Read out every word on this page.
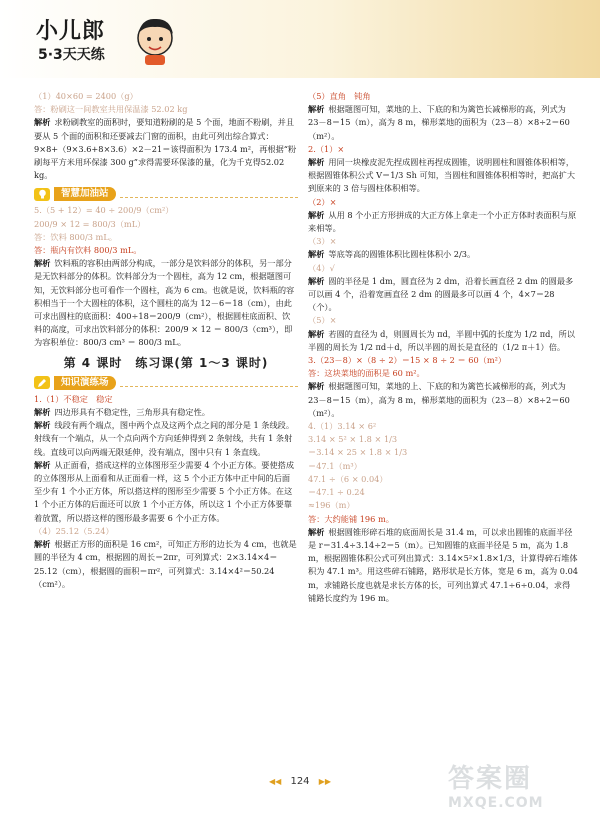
小儿郎
5·3天天练

（1）40×60 = 2400（g）

答：粉刷这一间教室共用保温漆 52.02 kg

解析 求粉刷教室的面积时，要知道粉刷的是 5 个面，地面不粉刷，并且要从 5 个面的面积和还要减去门窗的面积，由此可列出综合算式：9×8+（9×3.6+8×3.6）×2－21＝该得面积为 173.4 m²，再根据“粉刷每平方米用环保漆 300 g”求得需要环保漆的量，化为千克得52.02 kg。

智慧加油站

5.（5 + 12）= 40 ÷ 200/9（cm²）

200/9 × 12 = 800/3（mL）

答：饮料 800/3 mL。

答：瓶内有饮料 800/3 mL。

解析 饮料瓶的容积由两部分构成，一部分是饮料部分的体积，另一部分是无饮料部分的体积。饮料部分为一个圆柱，高为 12 cm，根据题图可知，无饮料部分也可看作一个圆柱，高为 6 cm。也就是说，饮料瓶的容积相当于一个大圆柱的体积，这个圆柱的高为 12－6＝18（cm），由此可求出圆柱的底面积：400÷18＝200/9（cm²），根据圆柱底面积、饮料的高度，可求出饮料部分的体积：200/9 × 12 ＝ 800/3（cm³），即为容积单位：800/3 cm³ ＝ 800/3 mL。

第 4 课时　练习课(第 1～3 课时)
知识演练场

1.（1）不稳定　稳定

解析 四边形具有不稳定性，三角形具有稳定性。

解析 线段有两个端点，图中两个点及这两个点之间的部分是 1 条线段。射线有一个端点，从一个点向两个方向延伸得到 2 条射线，共有 1 条射线。直线可以向两端无限延伸，没有端点，图中只有 1 条直线。

解析 从正面看，搭成这样的立体图形至少需要 4 个小正方体。要使搭成的立体图形从上面看和从正面看一样，这 5 个小正方体中正中间的后面至少有 1 个小正方体，所以搭这样的图形至少需要 5 个小正方体。在这 1 个小正方体的后面还可以放 1 个小正方体，所以这 1 个小正方体要靠着放置，所以搭这样的图形最多需要 6 个小正方体。

（4）25.12（5.24）

解析 根据正方形的面积是 16 cm²，可知正方形的边长为 4 cm，也就是圆的半径为 4 cm，根据圆的周长＝2πr，可列算式：2×3.14×4＝25.12（cm），根据圆的面积＝πr²，可列算式：3.14×4²＝50.24（cm²）。

（5）直角　钝角

解析 根据题图可知，菜地的上、下底的和为篱笆长减梯形的高，列式为 23－8＝15（m），高为 8 m，梯形菜地的面积为（23－8）×8÷2＝60（m²）。

2.（1）×

解析 用同一块橡皮泥先捏成圆柱再捏成圆锥，说明圆柱和圆锥体积相等，根据圆锥体积公式 V＝1/3 Sh 可知，当圆柱和圆锥体积相等时，把高扩大到原来的 3 倍与圆柱体积相等。

（2）×

解析 从用 8 个小正方形拼成的大正方体上拿走一个小正方体时表面积与原来相等。

（3）×

解析 等底等高的圆锥体积比圆柱体积小 2/3。

（4）√

解析 圆的半径是 1 dm，圆直径为 2 dm，沿着长画直径 2 dm 的圆最多可以画 4 个，沿着宽画直径 2 dm 的圆最多可以画 4 个，4×7＝28（个）。

（5）×

解析 若圆的直径为 d，则圆周长为 πd，半圆中弧的长度为 1/2 πd，所以半圆的周长为 1/2 πd＋d，所以半圆的周长是直径的（1/2 π＋1）倍。

3.（23－8）×（8 ÷ 2）＝15 × 8 ÷ 2 ＝ 60（m²）

答：这块菜地的面积是 60 m²。

解析 根据题图可知，菜地的上、下底的和为篱笆长减梯形的高，列式为 23－8＝15（m），高为 8 m，梯形菜地的面积为（23－8）×8÷2＝60（m²）。

4.（1）3.14 × 6²

3.14 × 5² × 1.8 × 1/3

＝3.14 × 25 × 1.8 × 1/3

＝47.1（m³）

47.1 ÷（6 × 0.04）

＝47.1 ÷ 0.24

≈196（m）

答：大约能铺 196 m。

解析 根据圆锥形碎石堆的底面周长是 31.4 m，可以求出圆锥的底面半径是 r＝31.4÷3.14÷2＝5（m）。已知圆锥的底面半径是 5 m，高为 1.8 m，根据圆锥体积公式可列出算式：3.14×5²×1.8×1/3，计算得碎石堆体积为 47.1 m³。用这些碎石铺路，路形状是长方体，宽是 6 m，高为 0.04 m，求铺路长度也就是求长方体的长，可列出算式 47.1÷6÷0.04，求得铺路长度约为 196 m。

◀◀ 124 ▶▶	答案圈
MXQE.COM
